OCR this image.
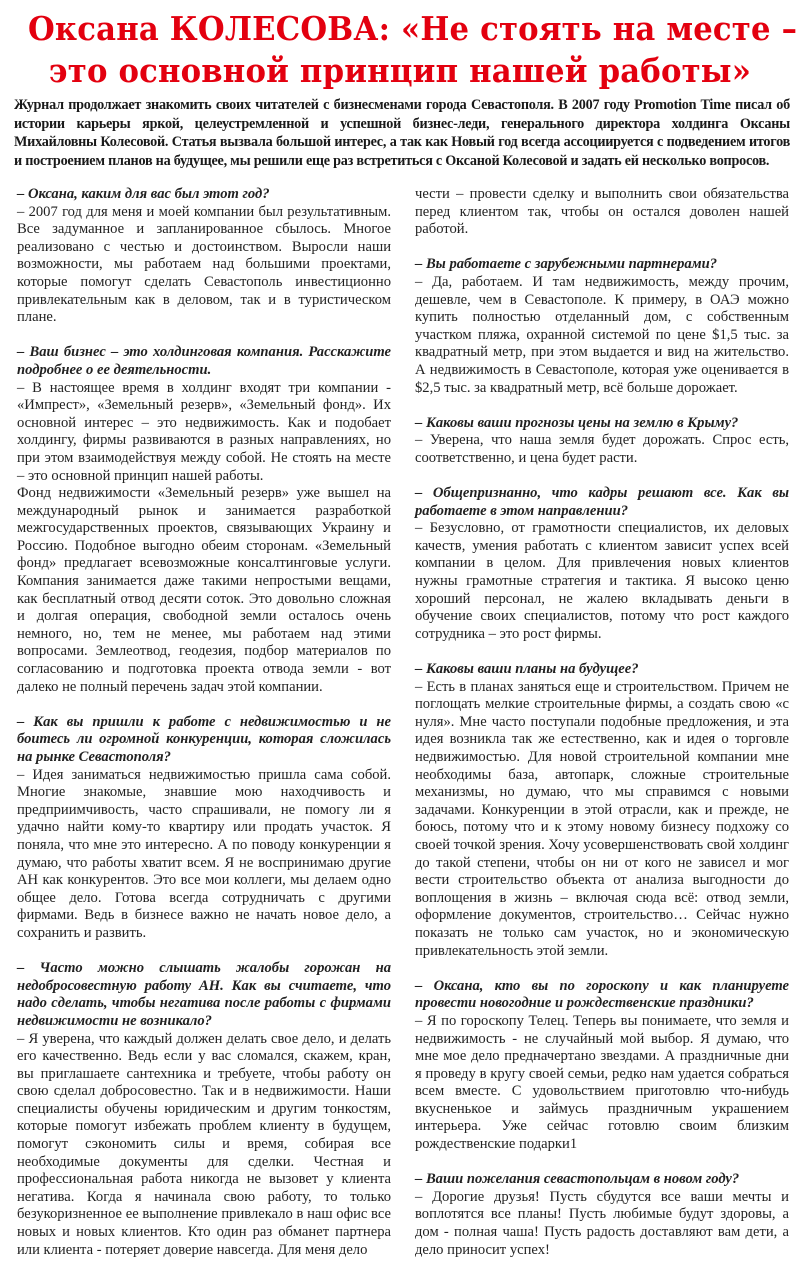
Оксана КОЛЕСОВА: «Не стоять на месте –
это основной принцип нашей работы»
Журнал продолжает знакомить своих читателей с бизнесменами города Севастополя. В 2007 году Promotion Time писал об истории карьеры яркой, целеустремленной и успешной бизнес-леди, генерального директора холдинга Оксаны Михайловны Колесовой. Статья вызвала большой интерес, а так как Новый год всегда ассоциируется с подведением итогов и построением планов на будущее, мы решили еще раз встретиться с Оксаной Колесовой и задать ей несколько вопросов.
– Оксана, каким для вас был этот год?

– 2007 год для меня и моей компании был результативным. Все задуманное и запланированное сбылось. Многое реализовано с честью и достоинством. Выросли наши возможности, мы работаем над большими проектами, которые помогут сделать Севастополь инвестиционно привлекательным как в деловом, так и в туристическом плане.

– Ваш бизнес – это холдинговая компания. Расскажите подробнее о ее деятельности.

– В настоящее время в холдинг входят три компании - «Импрест», «Земельный резерв», «Земельный фонд». Их основной интерес – это недвижимость. Как и подобает холдингу, фирмы развиваются в разных направлениях, но при этом взаимодействуя между собой. Не стоять на месте – это основной принцип нашей работы.

Фонд недвижимости «Земельный резерв» уже вышел на международный рынок и занимается разработкой межгосударственных проектов, связывающих Украину и Россию. Подобное выгодно обеим сторонам. «Земельный фонд» предлагает всевозможные консалтинговые услуги. Компания занимается даже такими непростыми вещами, как бесплатный отвод десяти соток. Это довольно сложная и долгая операция, свободной земли осталось очень немного, но, тем не менее, мы работаем над этими вопросами. Землеотвод, геодезия, подбор материалов по согласованию и подготовка проекта отвода земли - вот далеко не полный перечень задач этой компании.

– Как вы пришли к работе с недвижимостью и не боитесь ли огромной конкуренции, которая сложилась на рынке Севастополя?

– Идея заниматься недвижимостью пришла сама собой. Многие знакомые, знавшие мою находчивость и предприимчивость, часто спрашивали, не помогу ли я удачно найти кому-то квартиру или продать участок. Я поняла, что мне это интересно. А по поводу конкуренции я думаю, что работы хватит всем. Я не воспринимаю другие АН как конкурентов. Это все мои коллеги, мы делаем одно общее дело. Готова всегда сотрудничать с другими фирмами. Ведь в бизнесе важно не начать новое дело, а сохранить и развить.

– Часто можно слышать жалобы горожан на недобросовестную работу АН. Как вы считаете, что надо сделать, чтобы негатива после работы с фирмами недвижимости не возникало?

– Я уверена, что каждый должен делать свое дело, и делать его качественно. Ведь если у вас сломался, скажем, кран, вы приглашаете сантехника и требуете, чтобы работу он свою сделал добросовестно. Так и в недвижимости. Наши специалисты обучены юридическим и другим тонкостям, которые помогут избежать проблем клиенту в будущем, помогут сэкономить силы и время, собирая все необходимые документы для сделки. Честная и профессиональная работа никогда не вызовет у клиента негатива. Когда я начинала свою работу, то только безукоризненное ее выполнение привлекало в наш офис все новых и новых клиентов. Кто один раз обманет партнера или клиента - потеряет доверие навсегда. Для меня дело

чести – провести сделку и выполнить свои обязательства перед клиентом так, чтобы он остался доволен нашей работой.

– Вы работаете с зарубежными партнерами?

– Да, работаем. И там недвижимость, между прочим, дешевле, чем в Севастополе. К примеру, в ОАЭ можно купить полностью отделанный дом, с собственным участком пляжа, охранной системой по цене $1,5 тыс. за квадратный метр, при этом выдается и вид на жительство. А недвижимость в Севастополе, которая уже оценивается в $2,5 тыс. за квадратный метр, всё больше дорожает.

– Каковы ваши прогнозы цены на землю в Крыму?

– Уверена, что наша земля будет дорожать. Спрос есть, соответственно, и цена будет расти.

– Общепризнанно, что кадры решают все. Как вы работаете в этом направлении?

– Безусловно, от грамотности специалистов, их деловых качеств, умения работать с клиентом зависит успех всей компании в целом. Для привлечения новых клиентов нужны грамотные стратегия и тактика. Я высоко ценю хороший персонал, не жалею вкладывать деньги в обучение своих специалистов, потому что рост каждого сотрудника – это рост фирмы.

– Каковы ваши планы на будущее?

– Есть в планах заняться еще и строительством. Причем не поглощать мелкие строительные фирмы, а создать свою «с нуля». Мне часто поступали подобные предложения, и эта идея возникла так же естественно, как и идея о торговле недвижимостью. Для новой строительной компании мне необходимы база, автопарк, сложные строительные механизмы, но думаю, что мы справимся с новыми задачами. Конкуренции в этой отрасли, как и прежде, не боюсь, потому что и к этому новому бизнесу подхожу со своей точкой зрения. Хочу усовершенствовать свой холдинг до такой степени, чтобы он ни от кого не зависел и мог вести строительство объекта от анализа выгодности до воплощения в жизнь – включая сюда всё: отвод земли, оформление документов, строительство… Сейчас нужно показать не только сам участок, но и экономическую привлекательность этой земли.

– Оксана, кто вы по гороскопу и как планируете провести новогодние и рождественские праздники?

– Я по гороскопу Телец. Теперь вы понимаете, что земля и недвижимость - не случайный мой выбор. Я думаю, что мне мое дело предначертано звездами. А праздничные дни я проведу в кругу своей семьи, редко нам удается собраться всем вместе. С удовольствием приготовлю что-нибудь вкусненькое и займусь праздничным украшением интерьера. Уже сейчас готовлю своим близким рождественские подарки1

– Ваши пожелания севастопольцам в новом году?

– Дорогие друзья! Пусть сбудутся все ваши мечты и воплотятся все планы! Пусть любимые будут здоровы, а дом - полная чаша! Пусть радость доставляют вам дети, а дело приносит успех!
